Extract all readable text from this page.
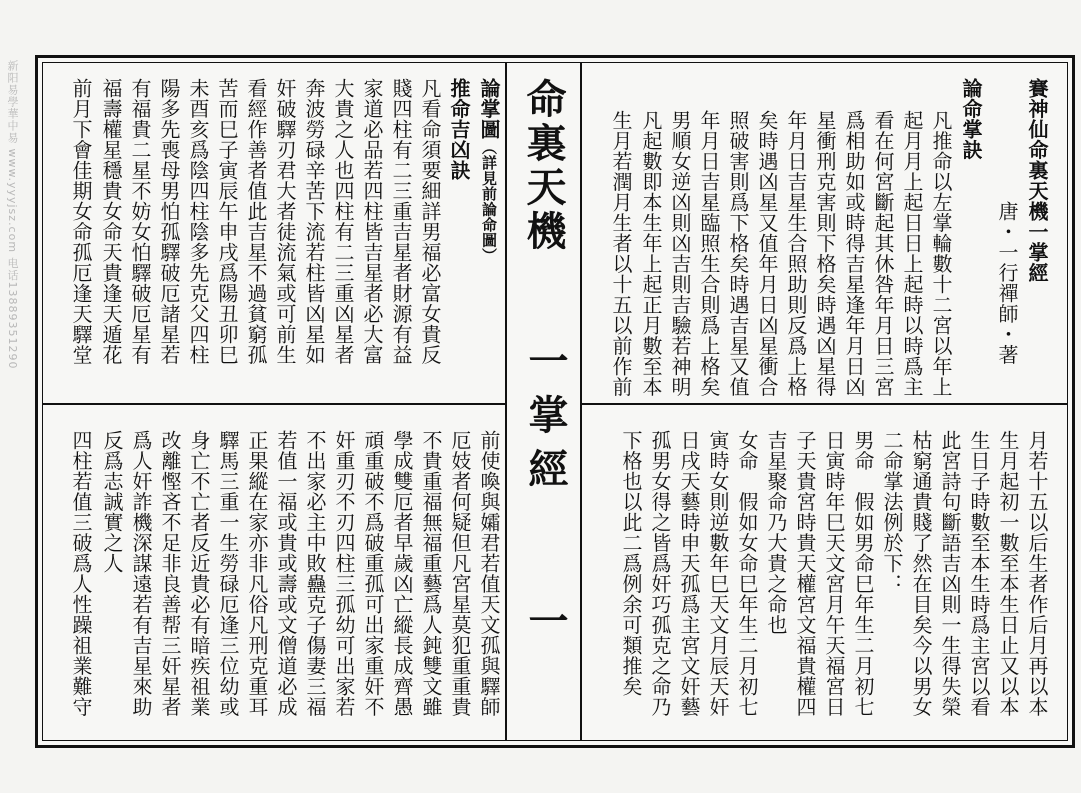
新阳易學華中易 www.yyyjsz.com 电话13889351290	命裏天機
一掌經
一
賽神仙命裏天機一掌經
　　　　　　唐・一行禪師・著
論命掌訣
凡推命以左掌輪數十二宮以年上
起月月上起日日上起時以時爲主
看在何宮斷起其休咎年月日三宮
爲相助如或時得吉星逢年月日凶
星衝刑克害則下格矣時遇凶星得
年月日吉星生合照助則反爲上格
矣時遇凶星又值年月日凶星衝合
照破害則爲下格矣時遇吉星又值
年月日吉星臨照生合則爲上格矣
男順女逆凶則凶吉則吉驗若神明
凡起數即本生年上起正月數至本
生月若潤月生者以十五以前作前
月若十五以后生者作后月再以本
生月起初一數至本生日止又以本
生日子時數至本生時爲主宮以看
此宮詩句斷語吉凶則一生得失榮
枯窮通貴賤了然在目矣今以男女
二命掌法例於下：
男命　假如男命巳年生二月初七
日寅時年巳天文宮月午天福宮日
子天貴宮時貴天權宮文福貴權四
吉星聚命乃大貴之命也
女命　假如女命巳年生二月初七
寅時女則逆數年巳天文月辰天奸
日戌天藝時申天孤爲主宮文奸藝
孤男女得之皆爲奸巧孤克之命乃
下格也以此二爲例余可類推矣
論掌圖（詳見前論命圖）
推命吉凶訣
凡看命須要細詳男福必富女貴反
賤四柱有二三重吉星者財源有益
家道必品若四柱皆吉星者必大富
大貴之人也四柱有二三重凶星者
奔波勞碌辛苦下流若柱皆凶星如
奸破驛刃君大者徒流氣或可前生
看經作善者值此吉星不過貧窮孤
苦而巳子寅辰午申戌爲陽丑卯巳
未酉亥爲陰四柱陰多先克父四柱
陽多先喪母男怕孤驛破厄諸星若
有福貴二星不妨女怕驛破厄星有
福壽權星穩貴女命天貴逢天遁花
前月下會佳期女命孤厄逢天驛堂
前使喚與孀君若值天文孤與驛師
厄妓者何疑但凡宮星莫犯重重貴
不貴重福無福重藝爲人鈍雙文雖
學成雙厄者早歲凶亡縱長成齊愚
頑重破不爲破重孤可出家重奸不
奸重刃不刃四柱三孤幼可出家若
不出家必主中敗蠱克子傷妻三福
若值一福或貴或壽或文僧道必成
正果縱在家亦非凡俗凡刑克重耳
驛馬三重一生勞碌厄逢三位幼或
身亡不亡者反近貴必有暗疾祖業
改離慳吝不足非良善帮三奸星者
爲人奸詐機深謀遠若有吉星來助
反爲志誠實之人
四柱若值三破爲人性躁祖業難守
